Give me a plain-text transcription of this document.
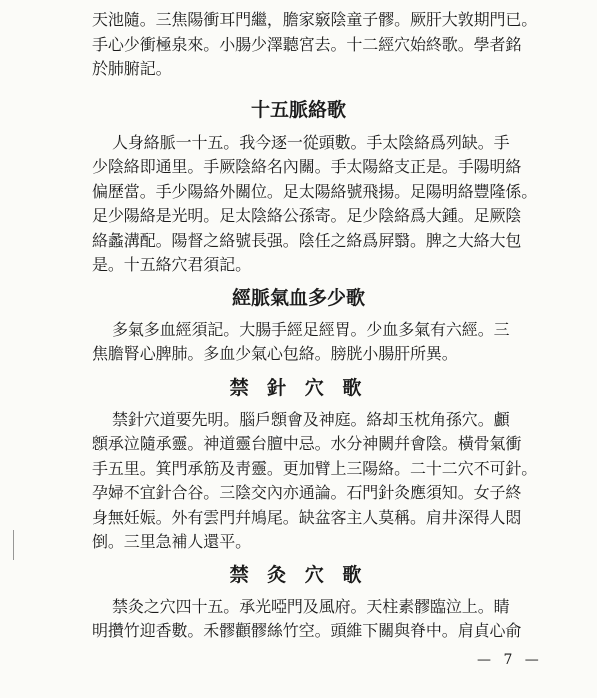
天池隨。三焦陽衝耳門繼，膽家竅陰童子髎。厥肝大敦期門已。
手心少衝極泉來。小腸少澤聽宮去。十二經穴始終歌。學者銘
於肺腑記。
十五脈絡歌
人身絡脈一十五。我今逐一從頭數。手太陰絡爲列缺。手
少陰絡即通里。手厥陰絡名內關。手太陽絡支正是。手陽明絡
偏歷當。手少陽絡外關位。足太陽絡號飛揚。足陽明絡豐隆係。
足少陽絡是光明。足太陰絡公孫寄。足少陰絡爲大鍾。足厥陰
絡蠡溝配。陽督之絡號長强。陰任之絡爲屛翳。脾之大絡大包
是。十五絡穴君須記。
經脈氣血多少歌
多氣多血經須記。大腸手經足經胃。少血多氣有六經。三
焦膽腎心脾肺。多血少氣心包絡。膀胱小腸肝所異。
禁 針 穴 歌
禁針穴道要先明。腦戶顖會及神庭。絡却玉枕角孫穴。顱
顖承泣隨承靈。神道靈台膻中忌。水分神闕幷會陰。橫骨氣衝
手五里。箕門承筋及靑靈。更加臂上三陽絡。二十二穴不可針。
孕婦不宜針合谷。三陰交內亦通論。石門針灸應須知。女子終
身無妊娠。外有雲門幷鳩尾。缺盆客主人莫稱。肩井深得人悶
倒。三里急補人還平。
禁 灸 穴 歌
禁灸之穴四十五。承光啞門及風府。天柱素髎臨泣上。睛
明攢竹迎香數。禾髎顴髎絲竹空。頭維下關與脊中。肩貞心俞
— 7 —
